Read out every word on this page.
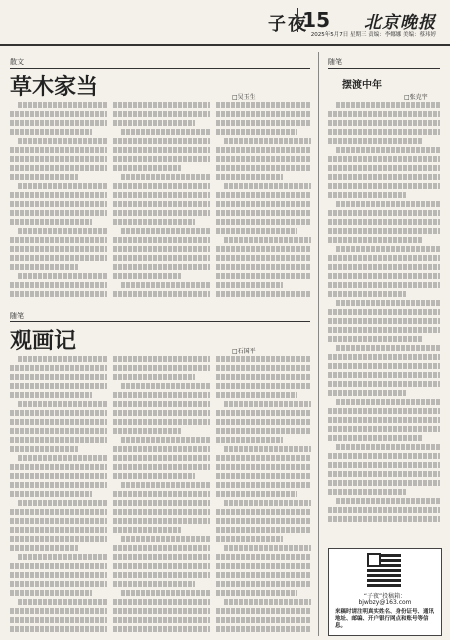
子夜
15 北京晚报
2025年5月7日 星期三 责编：李娜娜 美编：蔡玮婷
散文
草木家当	□吴玉生
随笔
观画记	□石国平
随笔
摆渡中年
□张克宇
“子夜”投稿箱：
bjwbzy@163.com
来稿时请注明真实姓名、身份证号、通讯地址、邮编、开户银行网点和账号等信息。
